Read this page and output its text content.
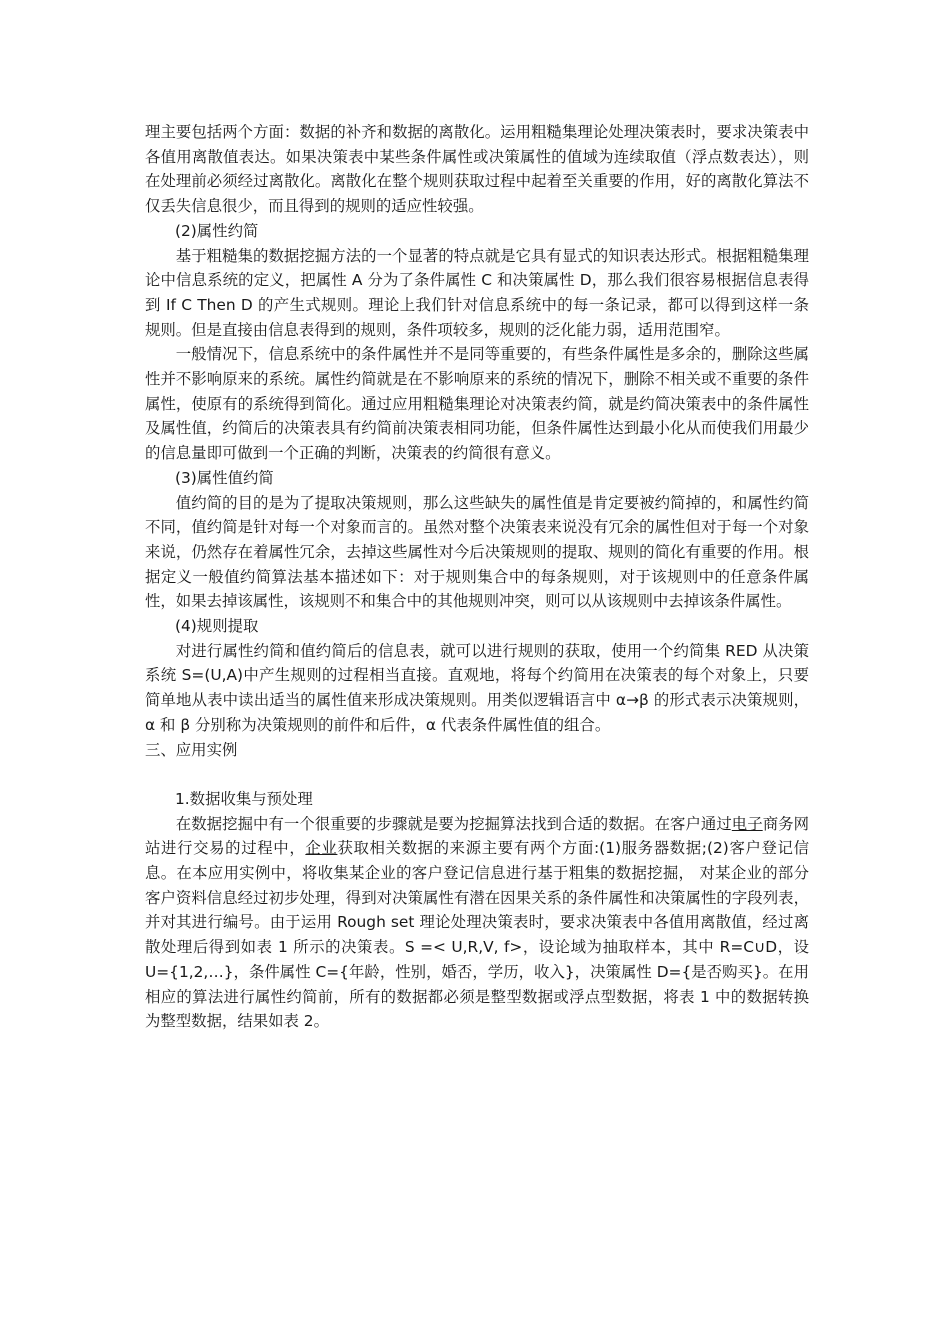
理主要包括两个方面：数据的补齐和数据的离散化。运用粗糙集理论处理决策表时，要求决策表中各值用离散值表达。如果决策表中某些条件属性或决策属性的值域为连续取值（浮点数表达），则在处理前必须经过离散化。离散化在整个规则获取过程中起着至关重要的作用，好的离散化算法不仅丢失信息很少，而且得到的规则的适应性较强。

(2)属性约简

基于粗糙集的数据挖掘方法的一个显著的特点就是它具有显式的知识表达形式。根据粗糙集理论中信息系统的定义，把属性 A 分为了条件属性 C 和决策属性 D，那么我们很容易根据信息表得到 If C Then D 的产生式规则。理论上我们针对信息系统中的每一条记录，都可以得到这样一条规则。但是直接由信息表得到的规则，条件项较多，规则的泛化能力弱，适用范围窄。

一般情况下，信息系统中的条件属性并不是同等重要的，有些条件属性是多余的，删除这些属性并不影响原来的系统。属性约简就是在不影响原来的系统的情况下，删除不相关或不重要的条件属性，使原有的系统得到简化。通过应用粗糙集理论对决策表约简，就是约简决策表中的条件属性及属性值，约简后的决策表具有约简前决策表相同功能，但条件属性达到最小化从而使我们用最少的信息量即可做到一个正确的判断，决策表的约简很有意义。

(3)属性值约简

值约简的目的是为了提取决策规则，那么这些缺失的属性值是肯定要被约简掉的，和属性约简不同，值约简是针对每一个对象而言的。虽然对整个决策表来说没有冗余的属性但对于每一个对象来说，仍然存在着属性冗余，去掉这些属性对今后决策规则的提取、规则的简化有重要的作用。根据定义一般值约简算法基本描述如下：对于规则集合中的每条规则，对于该规则中的任意条件属性，如果去掉该属性，该规则不和集合中的其他规则冲突，则可以从该规则中去掉该条件属性。

(4)规则提取

对进行属性约简和值约简后的信息表，就可以进行规则的获取，使用一个约简集 RED 从决策系统 S=(U,A)中产生规则的过程相当直接。直观地，将每个约简用在决策表的每个对象上，只要简单地从表中读出适当的属性值来形成决策规则。用类似逻辑语言中 α→β 的形式表示决策规则，α 和 β 分别称为决策规则的前件和后件，α 代表条件属性值的组合。

三、应用实例

1.数据收集与预处理

在数据挖掘中有一个很重要的步骤就是要为挖掘算法找到合适的数据。在客户通过电子商务网站进行交易的过程中，企业获取相关数据的来源主要有两个方面:(1)服务器数据;(2)客户登记信息。在本应用实例中，将收集某企业的客户登记信息进行基于粗集的数据挖掘， 对某企业的部分客户资料信息经过初步处理，得到对决策属性有潜在因果关系的条件属性和决策属性的字段列表，并对其进行编号。由于运用 Rough set 理论处理决策表时，要求决策表中各值用离散值，经过离散处理后得到如表 1 所示的决策表。S =< U,R,V, f>，设论域为抽取样本，其中 R=C∪D，设 U={1,2,…}，条件属性 C={年龄，性别，婚否，学历，收入}，决策属性 D={是否购买}。在用相应的算法进行属性约简前，所有的数据都必须是整型数据或浮点型数据，将表 1 中的数据转换为整型数据，结果如表 2。
